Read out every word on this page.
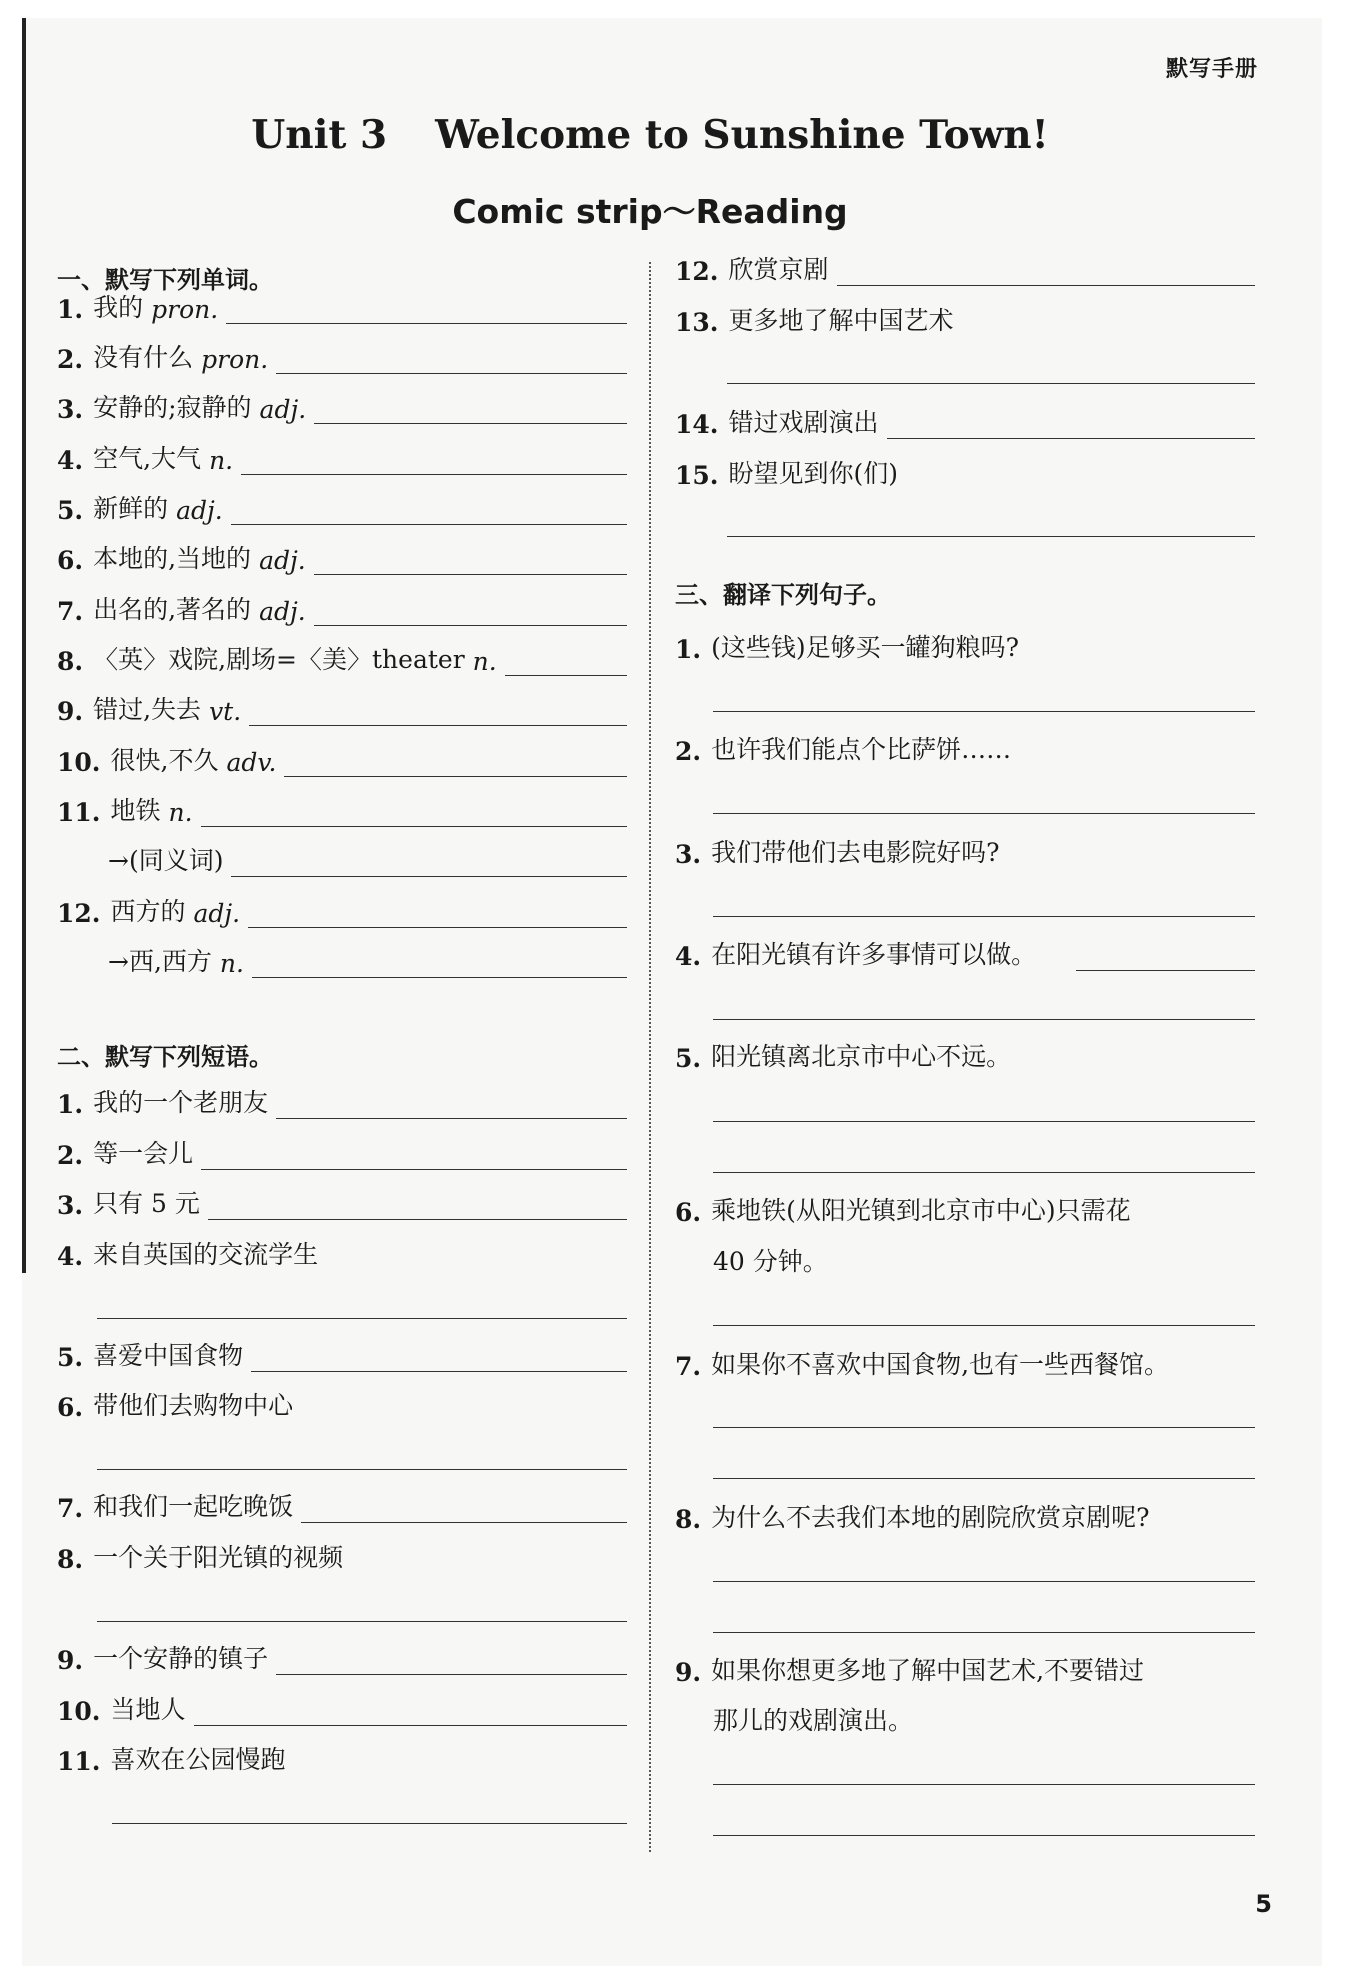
默写手册
Unit 3 Welcome to Sunshine Town!
Comic strip～Reading
一、默写下列单词。
1. 我的 pron.
2. 没有什么 pron.
3. 安静的;寂静的 adj.
4. 空气,大气 n.
5. 新鲜的 adj.
6. 本地的,当地的 adj.
7. 出名的,著名的 adj.
8. 〈英〉戏院,剧场=〈美〉theater n.
9. 错过,失去 vt.
10. 很快,不久 adv.
11. 地铁 n.
→(同义词)
12. 西方的 adj.
→西,西方 n.
二、默写下列短语。
1. 我的一个老朋友
2. 等一会儿
3. 只有 5 元
4. 来自英国的交流学生
5. 喜爱中国食物
6. 带他们去购物中心
7. 和我们一起吃晚饭
8. 一个关于阳光镇的视频
9. 一个安静的镇子
10. 当地人
11. 喜欢在公园慢跑
12. 欣赏京剧
13. 更多地了解中国艺术
14. 错过戏剧演出
15. 盼望见到你(们)
三、翻译下列句子。
1. (这些钱)足够买一罐狗粮吗?
2. 也许我们能点个比萨饼……
3. 我们带他们去电影院好吗?
4. 在阳光镇有许多事情可以做。
5. 阳光镇离北京市中心不远。
6. 乘地铁(从阳光镇到北京市中心)只需花
40 分钟。
7. 如果你不喜欢中国食物,也有一些西餐馆。
8. 为什么不去我们本地的剧院欣赏京剧呢?
9. 如果你想更多地了解中国艺术,不要错过
那儿的戏剧演出。
5
